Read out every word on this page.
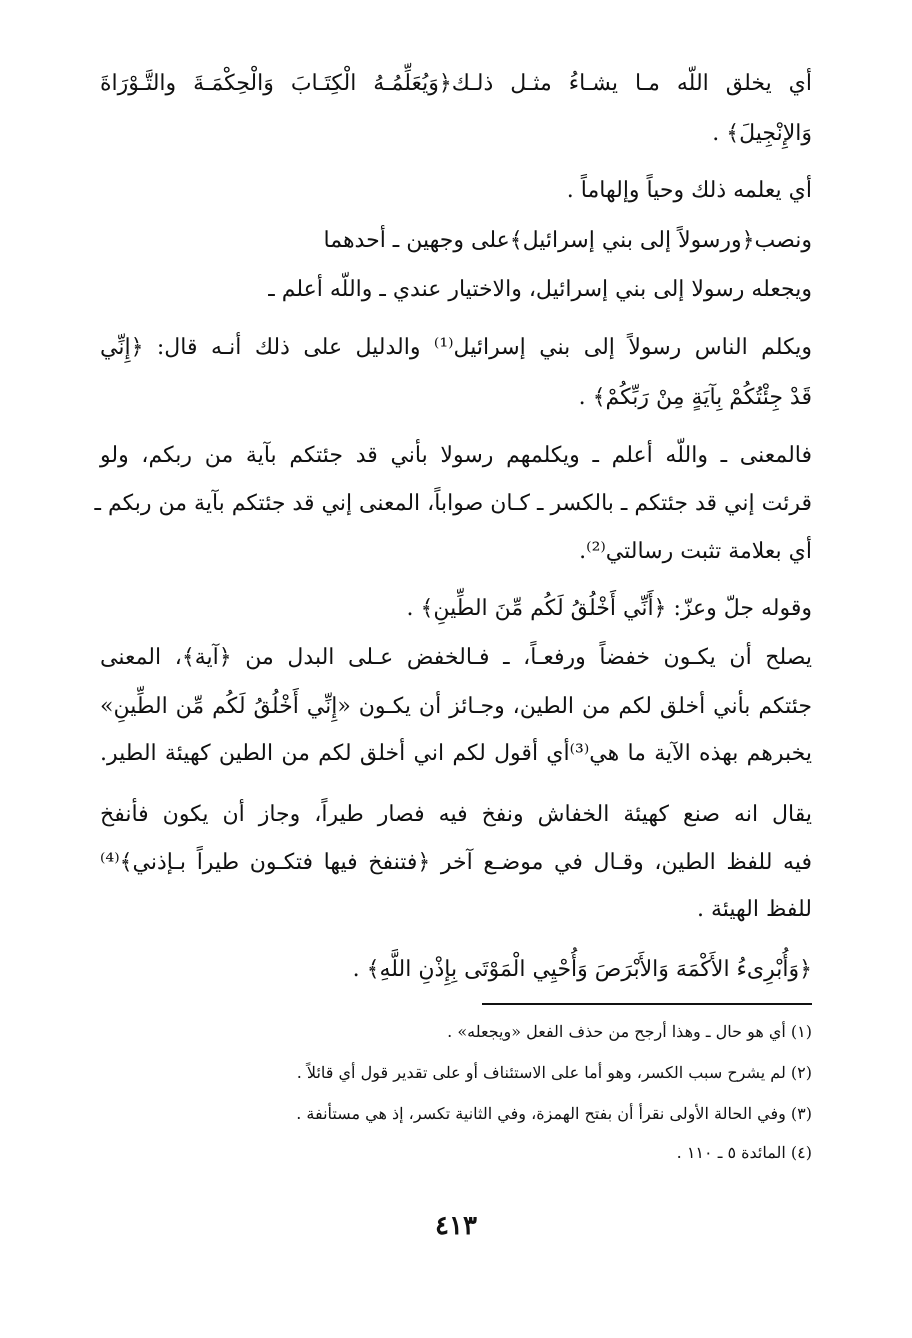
أي يخلق اللّه مـا يشـاءُ مثـل ذلـك﴿وَيُعَلِّمُـهُ الْكِتَـابَ وَالْحِكْمَـةَ والتَّـوْرَاةَ
وَالإِنْجِيلَ﴾ .
أي يعلمه ذلك وحياً وإلهاماً .
ونصب﴿ورسولاً إلى بني إسرائيل﴾على وجهين ـ أحدهما
ويجعله رسولا إلى بني إسرائيل، والاختيار عندي ـ واللّه أعلم ـ
ويكلم الناس رسولاً إلى بني إسرائيل⁽¹⁾ والدليل على ذلك أنـه قال: ﴿إِنِّي
قَدْ جِئْتُكُمْ بِآيَةٍ مِنْ رَبِّكُمْ﴾ .
فالمعنى ـ واللّه أعلم ـ ويكلمهم رسولا بأني قد جئتكم بآية من ربكم، ولو
قرئت إني قد جئتكم ـ بالكسر ـ كـان صواباً، المعنى إني قد جئتكم بآية من ربكم ـ
أي بعلامة تثبت رسالتي⁽²⁾.
وقوله جلّ وعزّ: ﴿أَنِّي أَخْلُقُ لَكُم مِّنَ الطِّينِ﴾ .
يصلح أن يكـون خفضاً ورفعـاً، ـ فـالخفض عـلى البدل من ﴿آية﴾، المعنى
جئتكم بأني أخلق لكم من الطين، وجـائز أن يكـون «إِنِّي أَخْلُقُ لَكُم مِّن الطِّينِ»
يخبرهم بهذه الآية ما هي⁽³⁾أي أقول لكم اني أخلق لكم من الطين كهيئة الطير.
يقال انه صنع كهيئة الخفاش ونفخ فيه فصار طيراً، وجاز أن يكون فأنفخ
فيه للفظ الطين، وقـال في موضـع آخر ﴿فتنفخ فيها فتكـون طيراً بـإذني﴾⁽⁴⁾
للفظ الهيئة .
﴿وَأُبْرِىءُ الأَكْمَهَ وَالأَبْرَصَ وَأُحْيِي الْمَوْتَى بِإِذْنِ اللَّهِ﴾ .
(١) أي هو حال ـ وهذا أرجح من حذف الفعل «ويجعله» .
(٢) لم يشرح سبب الكسر، وهو أما على الاستئناف أو على تقدير قول أي قائلاً .
(٣) وفي الحالة الأولى نقرأ أن بفتح الهمزة، وفي الثانية تكسر، إذ هي مستأنفة .
(٤) المائدة ٥ ـ ١١٠ .
٤١٣
